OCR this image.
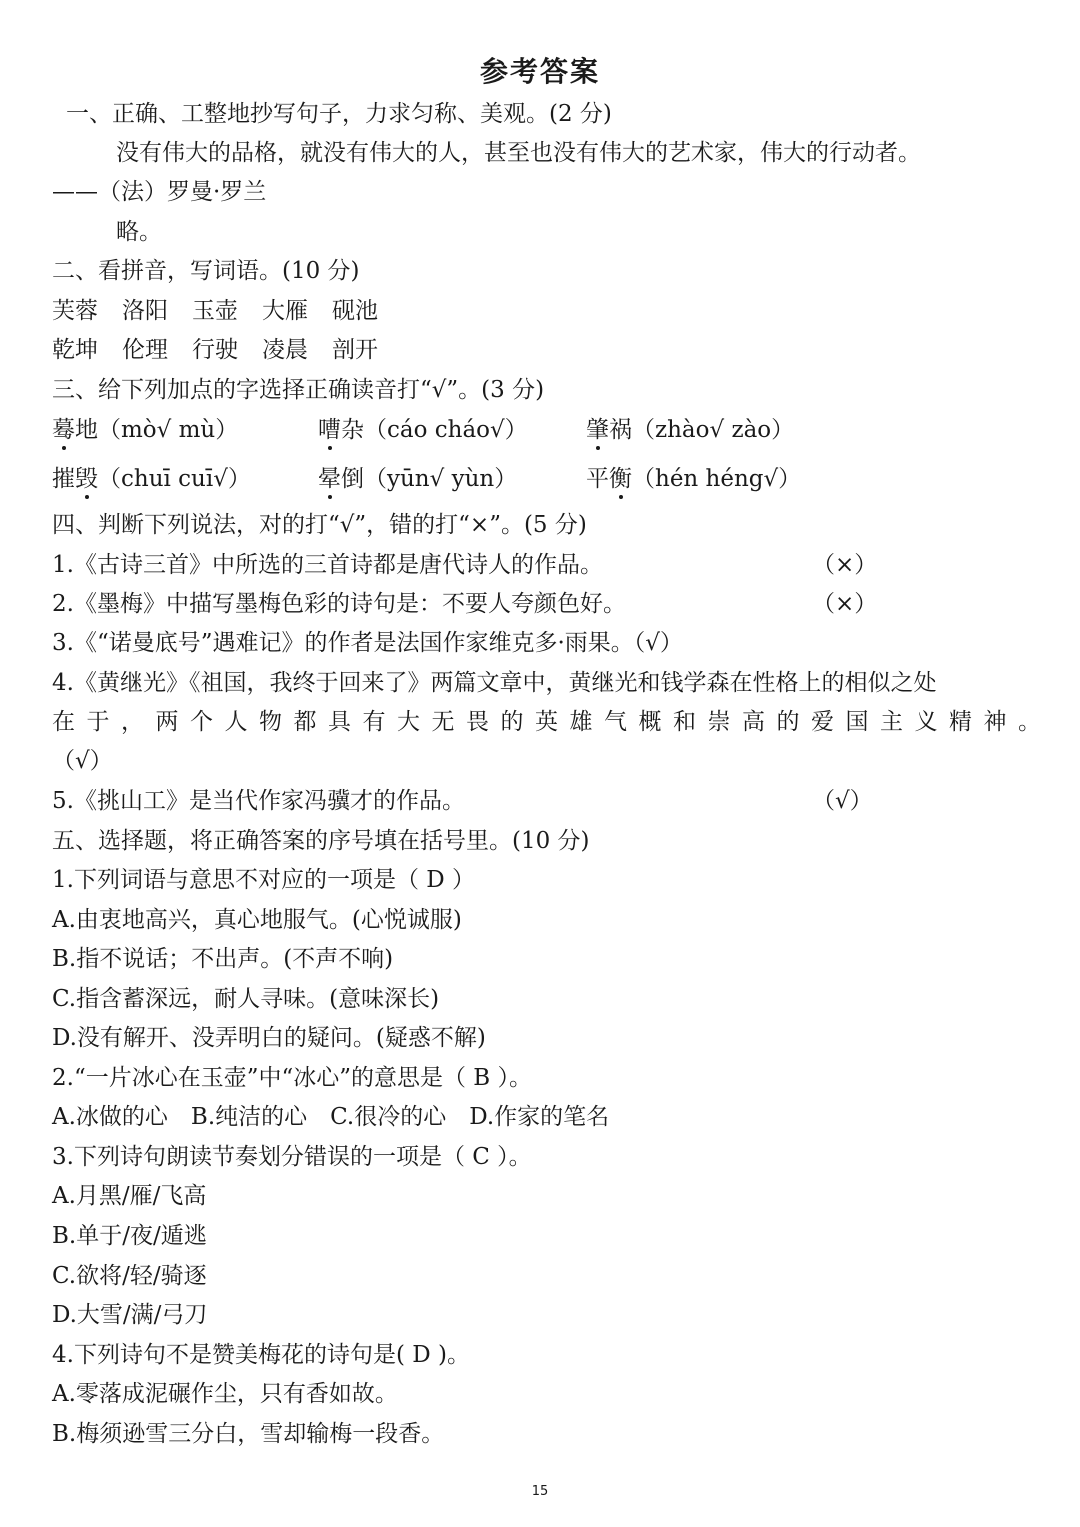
参考答案
一、正确、工整地抄写句子，力求匀称、美观。(2 分)
没有伟大的品格，就没有伟大的人，甚至也没有伟大的艺术家，伟大的行动者。
——（法）罗曼·罗兰
略。
二、看拼音，写词语。(10 分)
芙蓉 洛阳 玉壶 大雁 砚池
乾坤 伦理 行驶 凌晨 剖开
三、给下列加点的字选择正确读音打“√”。(3 分)
蓦地（mò√ mù）	嘈杂（cáo cháo√）	肇祸（zhào√ zào）
摧毁（chuī cuī√）	晕倒（yūn√ yùn）	平衡（hén héng√）
四、判断下列说法，对的打“√”，错的打“×”。(5 分)
1.《古诗三首》中所选的三首诗都是唐代诗人的作品。	（×）
2.《墨梅》中描写墨梅色彩的诗句是：不要人夸颜色好。	（×）
3.《“诺曼底号”遇难记》的作者是法国作家维克多·雨果。（√）
4.《黄继光》《祖国，我终于回来了》两篇文章中，黄继光和钱学森在性格上的相似之处
在于，两个人物都具有大无畏的英雄气概和崇高的爱国主义精神。
（√）
5.《挑山工》是当代作家冯骥才的作品。	（√）
五、选择题，将正确答案的序号填在括号里。(10 分)
1.下列词语与意思不对应的一项是（ D ）
A.由衷地高兴，真心地服气。(心悦诚服)
B.指不说话；不出声。(不声不响)
C.指含蓄深远，耐人寻味。(意味深长)
D.没有解开、没弄明白的疑问。(疑惑不解)
2.“一片冰心在玉壶”中“冰心”的意思是（ B ）。
A.冰做的心　B.纯洁的心　C.很冷的心　D.作家的笔名
3.下列诗句朗读节奏划分错误的一项是（ C ）。
A.月黑/雁/飞高
B.单于/夜/遁逃
C.欲将/轻/骑逐
D.大雪/满/弓刀
4.下列诗句不是赞美梅花的诗句是( D )。
A.零落成泥碾作尘，只有香如故。
B.梅须逊雪三分白，雪却输梅一段香。
15
